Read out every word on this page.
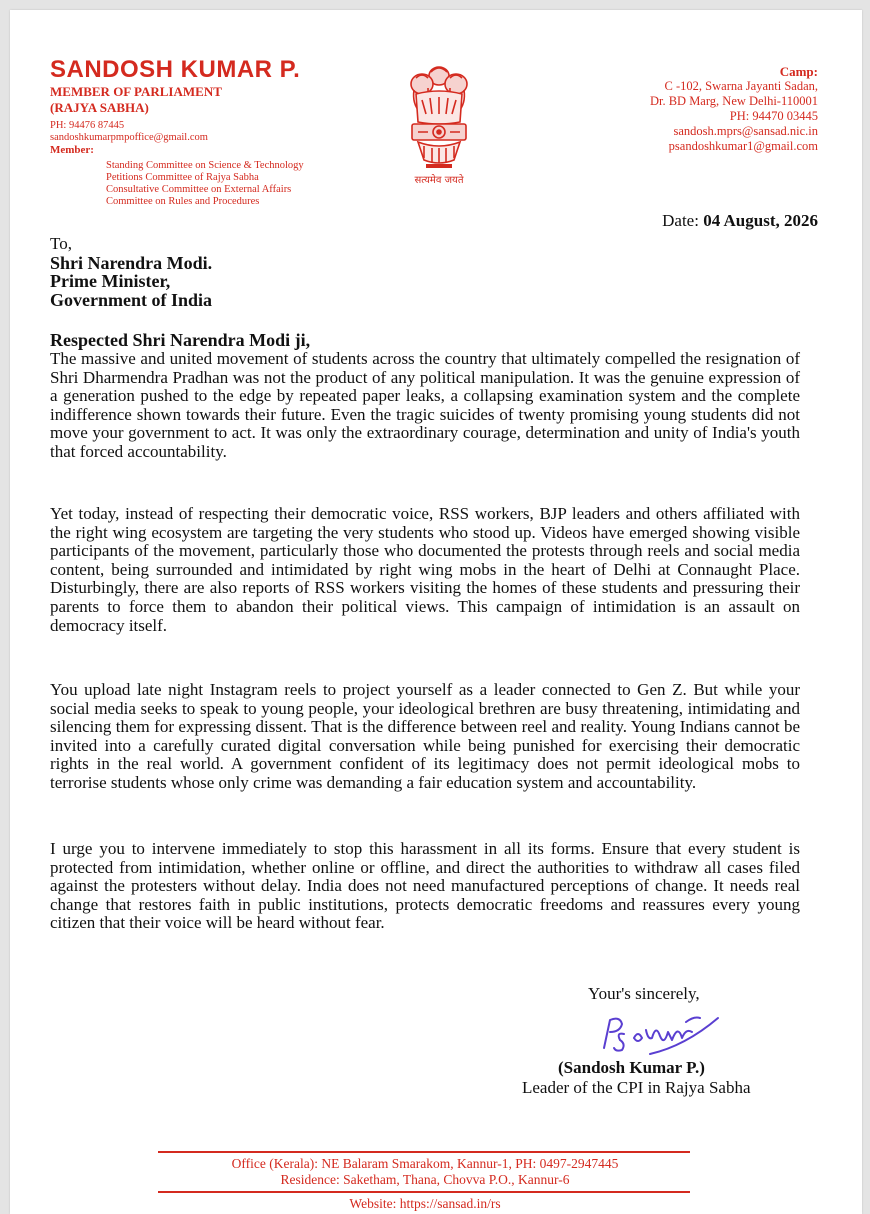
SANDOSH KUMAR P.
MEMBER OF PARLIAMENT
(RAJYA SABHA)
PH: 94476 87445
sandoshkumarpmpoffice@gmail.com
Member:
Standing Committee on Science & Technology
Petitions Committee of Rajya Sabha
Consultative Committee on External Affairs
Committee on Rules and Procedures
सत्यमेव जयते
Camp:
C -102, Swarna Jayanti Sadan,
Dr. BD Marg, New Delhi-110001
PH: 94470 03445
sandosh.mprs@sansad.nic.in
psandoshkumar1@gmail.com
Date: 04 August, 2026
To,
Shri Narendra Modi.
Prime Minister,
Government of India
Respected Shri Narendra Modi ji,

The massive and united movement of students across the country that ultimately compelled the resignation of Shri Dharmendra Pradhan was not the product of any political manipulation. It was the genuine expression of a generation pushed to the edge by repeated paper leaks, a collapsing examination system and the complete indifference shown towards their future. Even the tragic suicides of twenty promising young students did not move your government to act. It was only the extraordinary courage, determination and unity of India's youth that forced accountability.

Yet today, instead of respecting their democratic voice, RSS workers, BJP leaders and others affiliated with the right wing ecosystem are targeting the very students who stood up. Videos have emerged showing visible participants of the movement, particularly those who documented the protests through reels and social media content, being surrounded and intimidated by right wing mobs in the heart of Delhi at Connaught Place. Disturbingly, there are also reports of RSS workers visiting the homes of these students and pressuring their parents to force them to abandon their political views. This campaign of intimidation is an assault on democracy itself.

You upload late night Instagram reels to project yourself as a leader connected to Gen Z. But while your social media seeks to speak to young people, your ideological brethren are busy threatening, intimidating and silencing them for expressing dissent. That is the difference between reel and reality. Young Indians cannot be invited into a carefully curated digital conversation while being punished for exercising their democratic rights in the real world. A government confident of its legitimacy does not permit ideological mobs to terrorise students whose only crime was demanding a fair education system and accountability.

I urge you to intervene immediately to stop this harassment in all its forms. Ensure that every student is protected from intimidation, whether online or offline, and direct the authorities to withdraw all cases filed against the protesters without delay. India does not need manufactured perceptions of change. It needs real change that restores faith in public institutions, protects democratic freedoms and reassures every young citizen that their voice will be heard without fear.

Your's sincerely,
(Sandosh Kumar P.)
Leader of the CPI in Rajya Sabha
Office (Kerala): NE Balaram Smarakom, Kannur-1, PH: 0497-2947445
Residence: Saketham, Thana, Chovva P.O., Kannur-6
Website: https://sansad.in/rs
